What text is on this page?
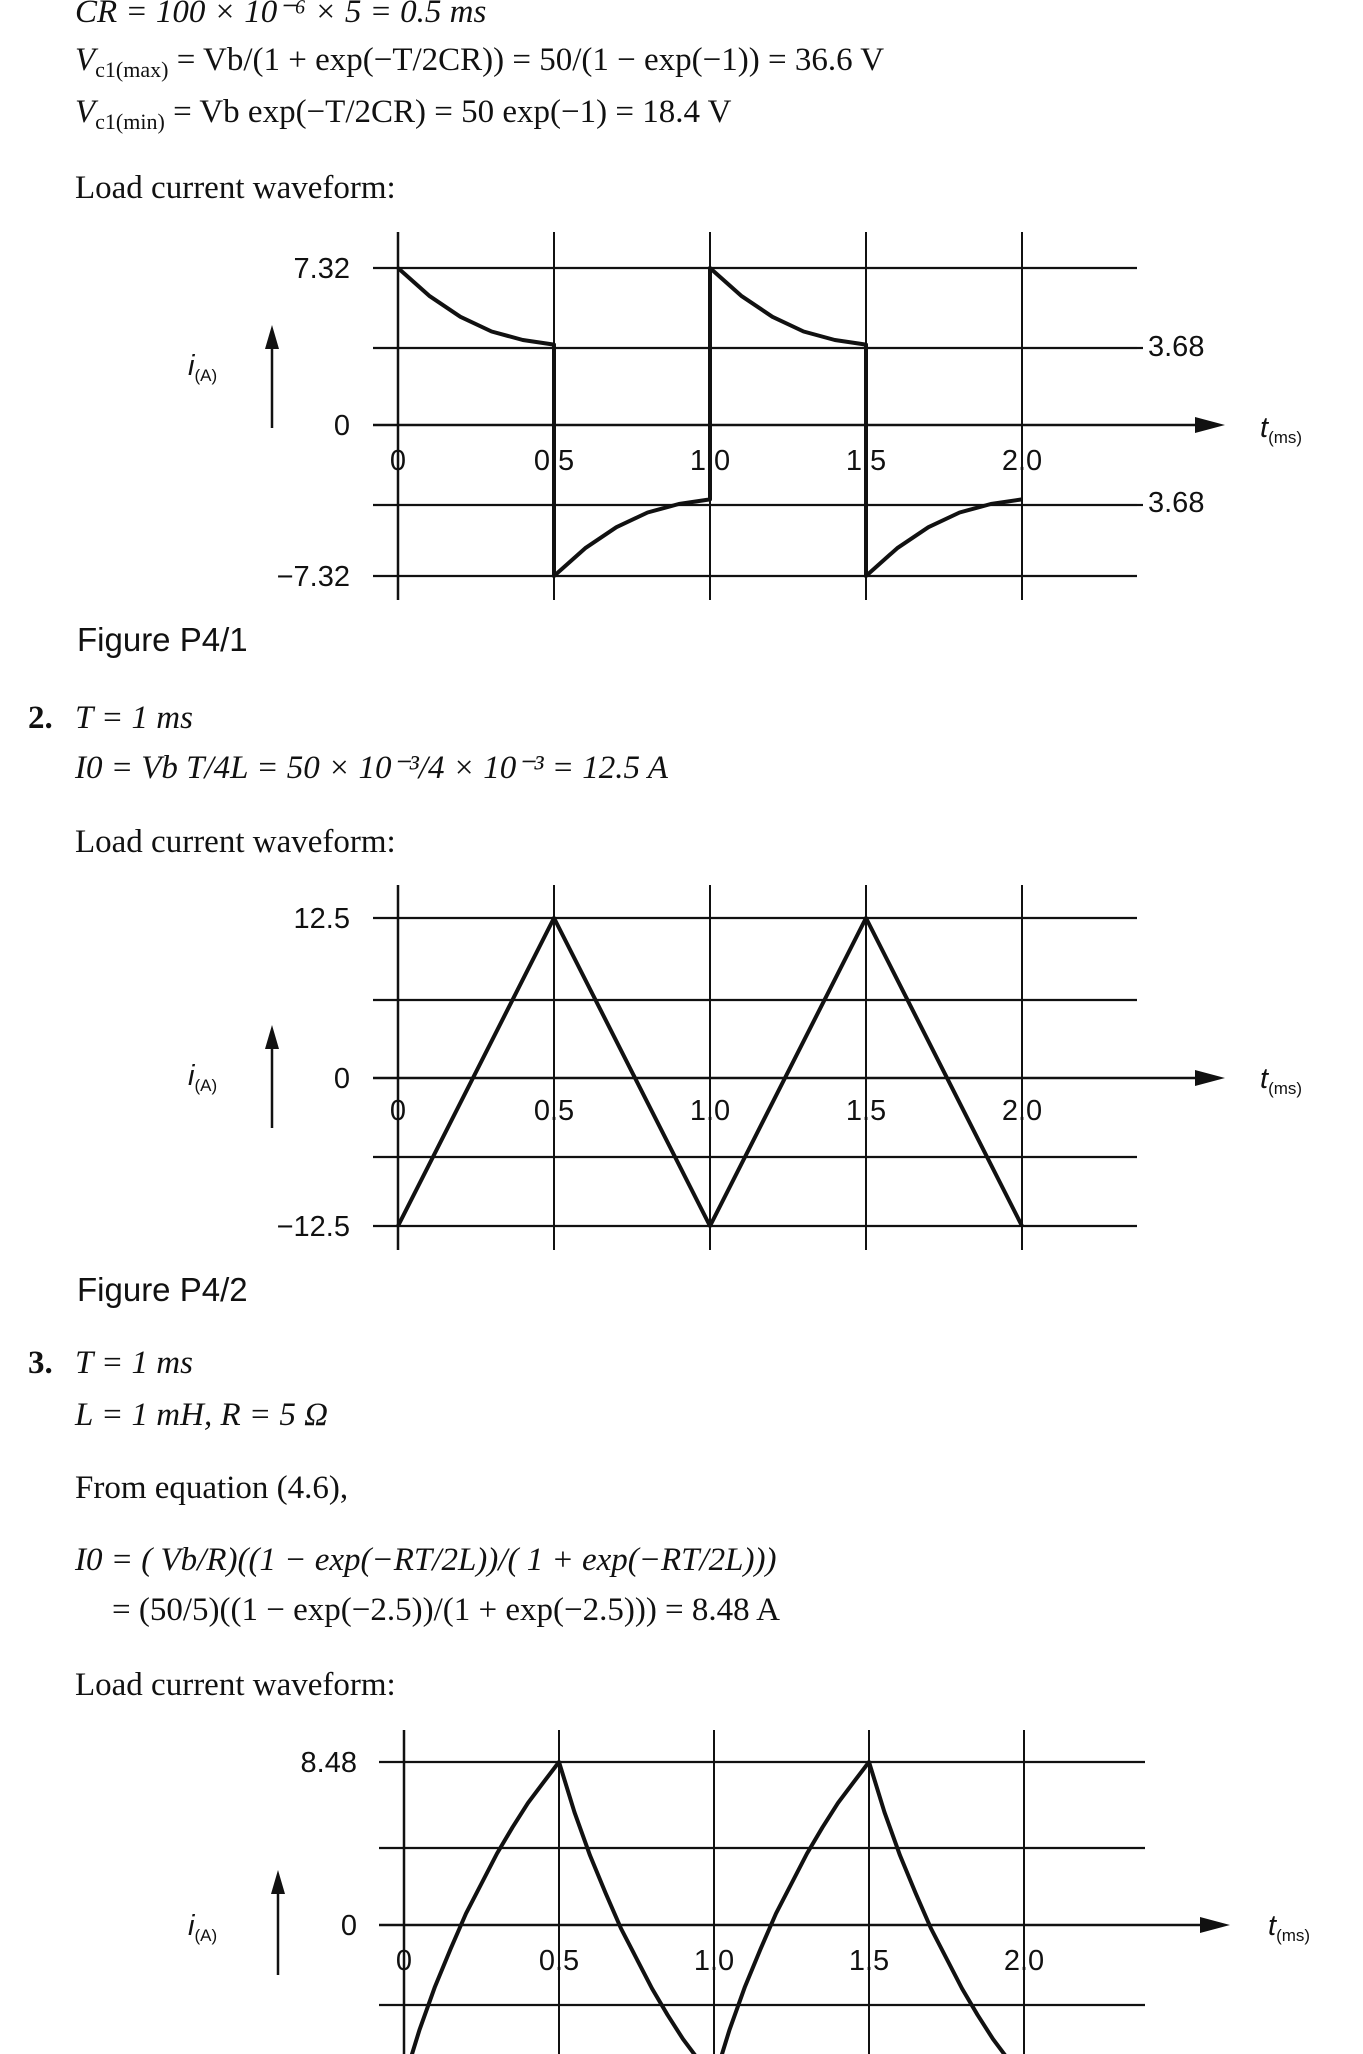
CR = 100 × 10⁻⁶ × 5 = 0.5 ms
$V_{c1(max)} = Vb/(1 + \exp(-T/2CR)) = 50/(1 - \exp(-1)) = 36.6$ V
$V_{c1(min)} = Vb$ exp(−T/2CR) = 50 exp(−1) = 18.4 V
Load current waveform:
0	0.5	1.0	1.5	2.0
7.32
0
−7.32
3.68
3.68
$i_{(A)}$
$t_{(ms)}$
Figure P4/1
2. T = 1 ms
I0 = Vb T/4L = 50 × 10⁻³/4 × 10⁻³ = 12.5 A
Load current waveform:
0	0.5	1.0	1.5	2.0
12.5
0
−12.5
$i_{(A)}$	$t_{(ms)}$
Figure P4/2
3. T = 1 ms
L = 1 mH, R = 5 Ω
From equation (4.6),
I0 = ( Vb/R)((1 − exp(−RT/2L))/( 1 + exp(−RT/2L)))
= (50/5)((1 − exp(−2.5))/(1 + exp(−2.5))) = 8.48 A
Load current waveform:
0	0.5	1.0	1.5	2.0
8.48
0
$i_{(A)}$	$t_{(ms)}$
